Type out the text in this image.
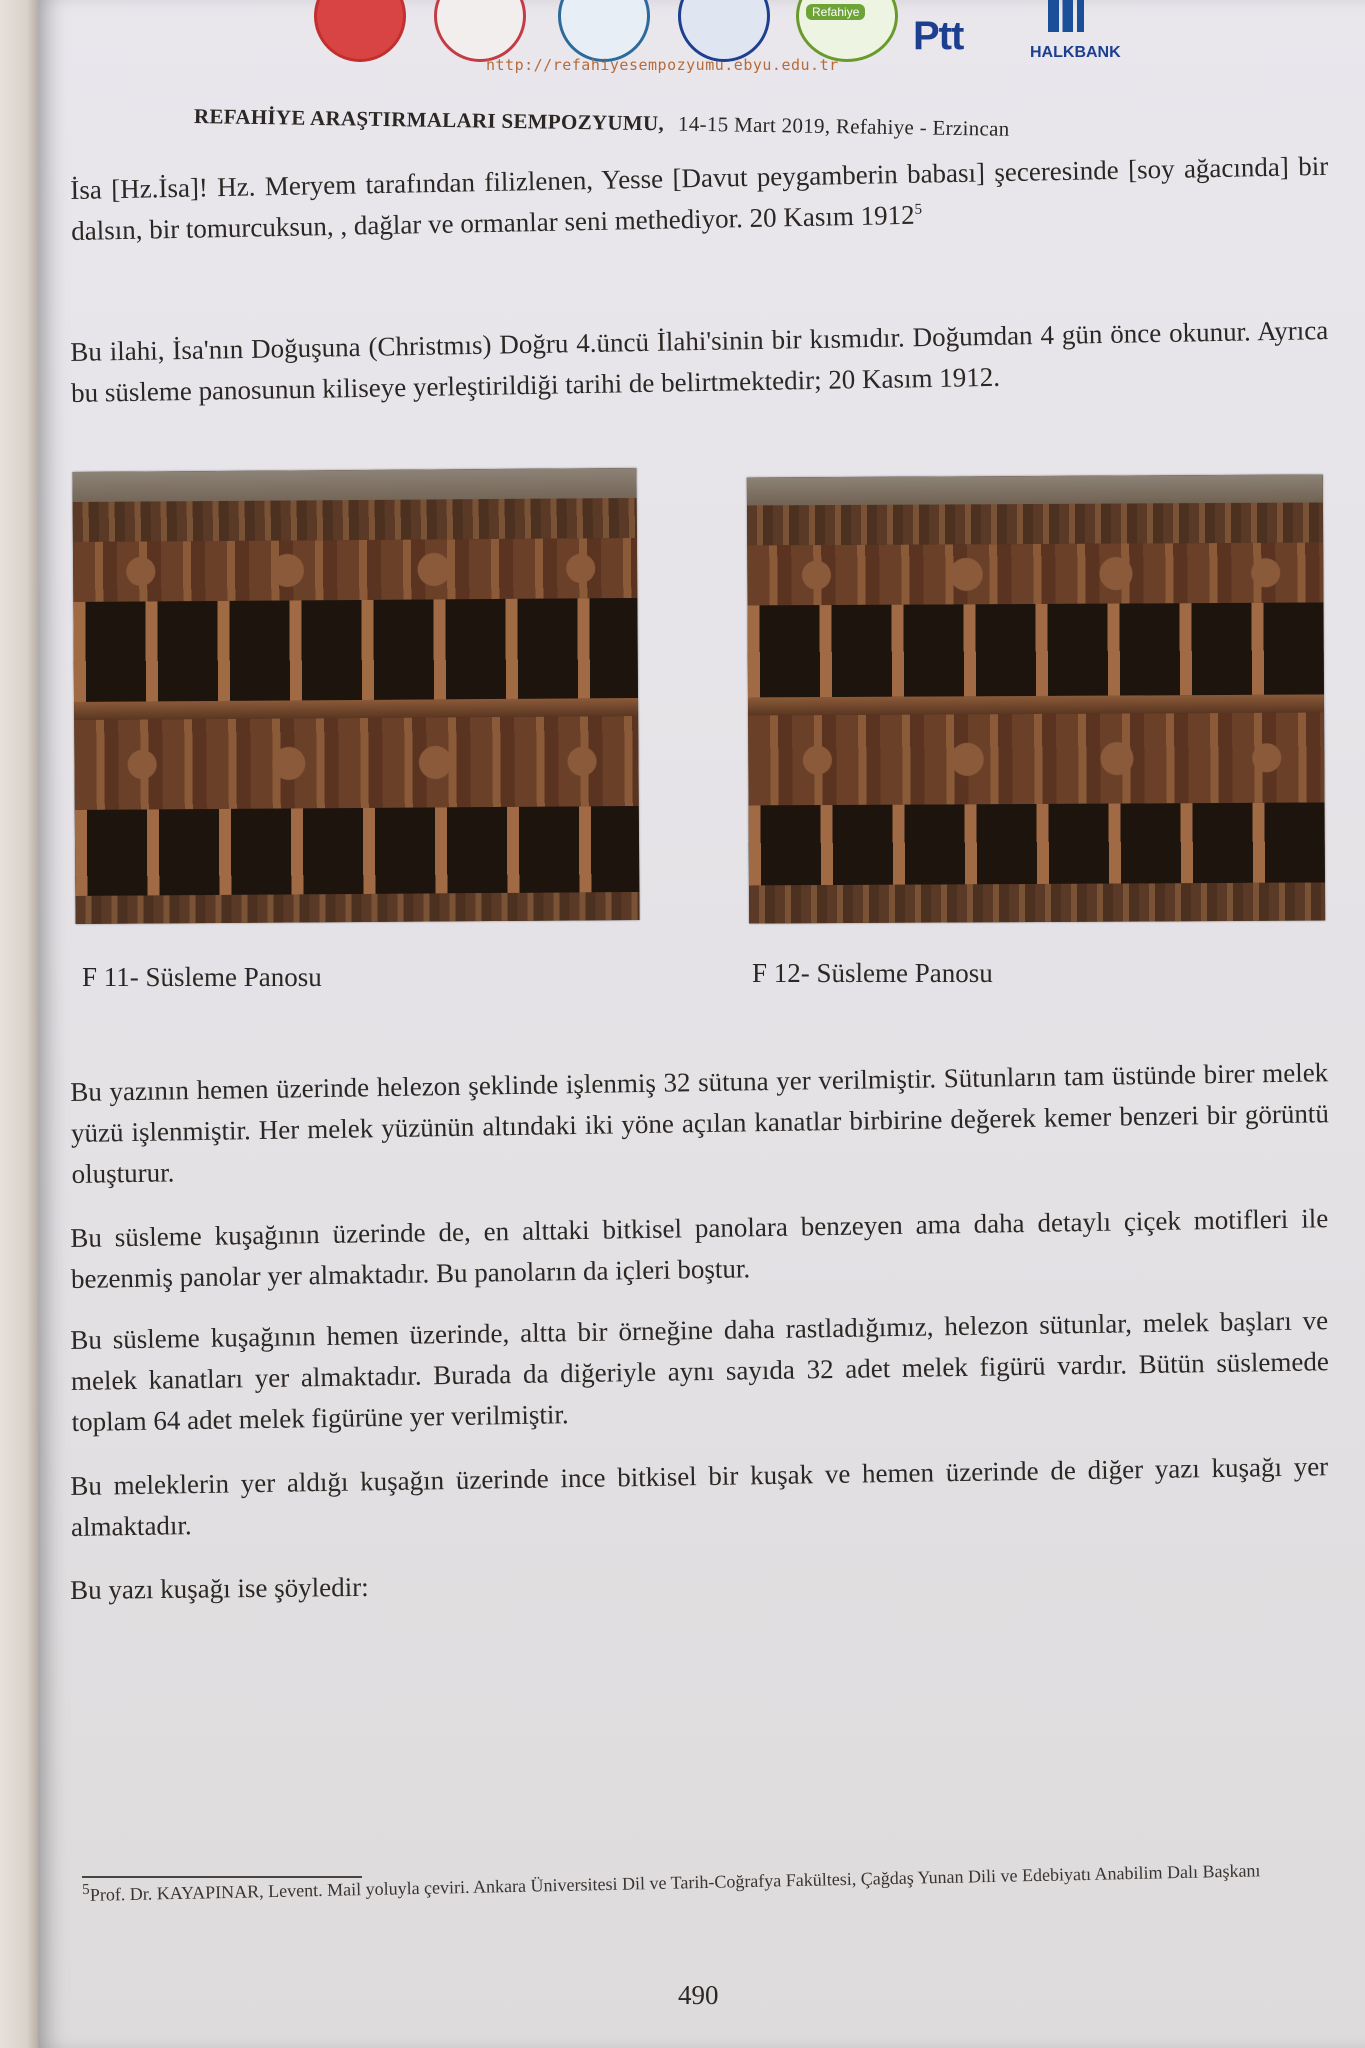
Refahiye
Ptt	HALKBANK
http://refahiyesempozyumu.ebyu.edu.tr
REFAHİYE ARAŞTIRMALARI SEMPOZYUMU, 14-15 Mart 2019, Refahiye - Erzincan
İsa [Hz.İsa]! Hz. Meryem tarafından filizlenen, Yesse [Davut peygamberin babası] şeceresinde [soy ağacında] bir dalsın, bir tomurcuksun, , dağlar ve ormanlar seni methediyor. 20 Kasım 1912$^5$
Bu ilahi, İsa'nın Doğuşuna (Christmıs) Doğru 4.üncü İlahi'sinin bir kısmıdır. Doğumdan 4 gün önce okunur. Ayrıca bu süsleme panosunun kiliseye yerleştirildiği tarihi de belirtmektedir; 20 Kasım 1912.
F 11- Süsleme Panosu	F 12- Süsleme Panosu
Bu yazının hemen üzerinde helezon şeklinde işlenmiş 32 sütuna yer verilmiştir. Sütunların tam üstünde birer melek yüzü işlenmiştir. Her melek yüzünün altındaki iki yöne açılan kanatlar birbirine değerek kemer benzeri bir görüntü oluşturur.
Bu süsleme kuşağının üzerinde de, en alttaki bitkisel panolara benzeyen ama daha detaylı çiçek motifleri ile bezenmiş panolar yer almaktadır. Bu panoların da içleri boştur.
Bu süsleme kuşağının hemen üzerinde, altta bir örneğine daha rastladığımız, helezon sütunlar, melek başları ve melek kanatları yer almaktadır. Burada da diğeriyle aynı sayıda 32 adet melek figürü vardır. Bütün süslemede toplam 64 adet melek figürüne yer verilmiştir.
Bu meleklerin yer aldığı kuşağın üzerinde ince bitkisel bir kuşak ve hemen üzerinde de diğer yazı kuşağı yer almaktadır.
Bu yazı kuşağı ise şöyledir:
$^5$Prof. Dr. KAYAPINAR, Levent. Mail yoluyla çeviri. Ankara Üniversitesi Dil ve Tarih-Coğrafya Fakültesi, Çağdaş Yunan Dili ve Edebiyatı Anabilim Dalı Başkanı
490
